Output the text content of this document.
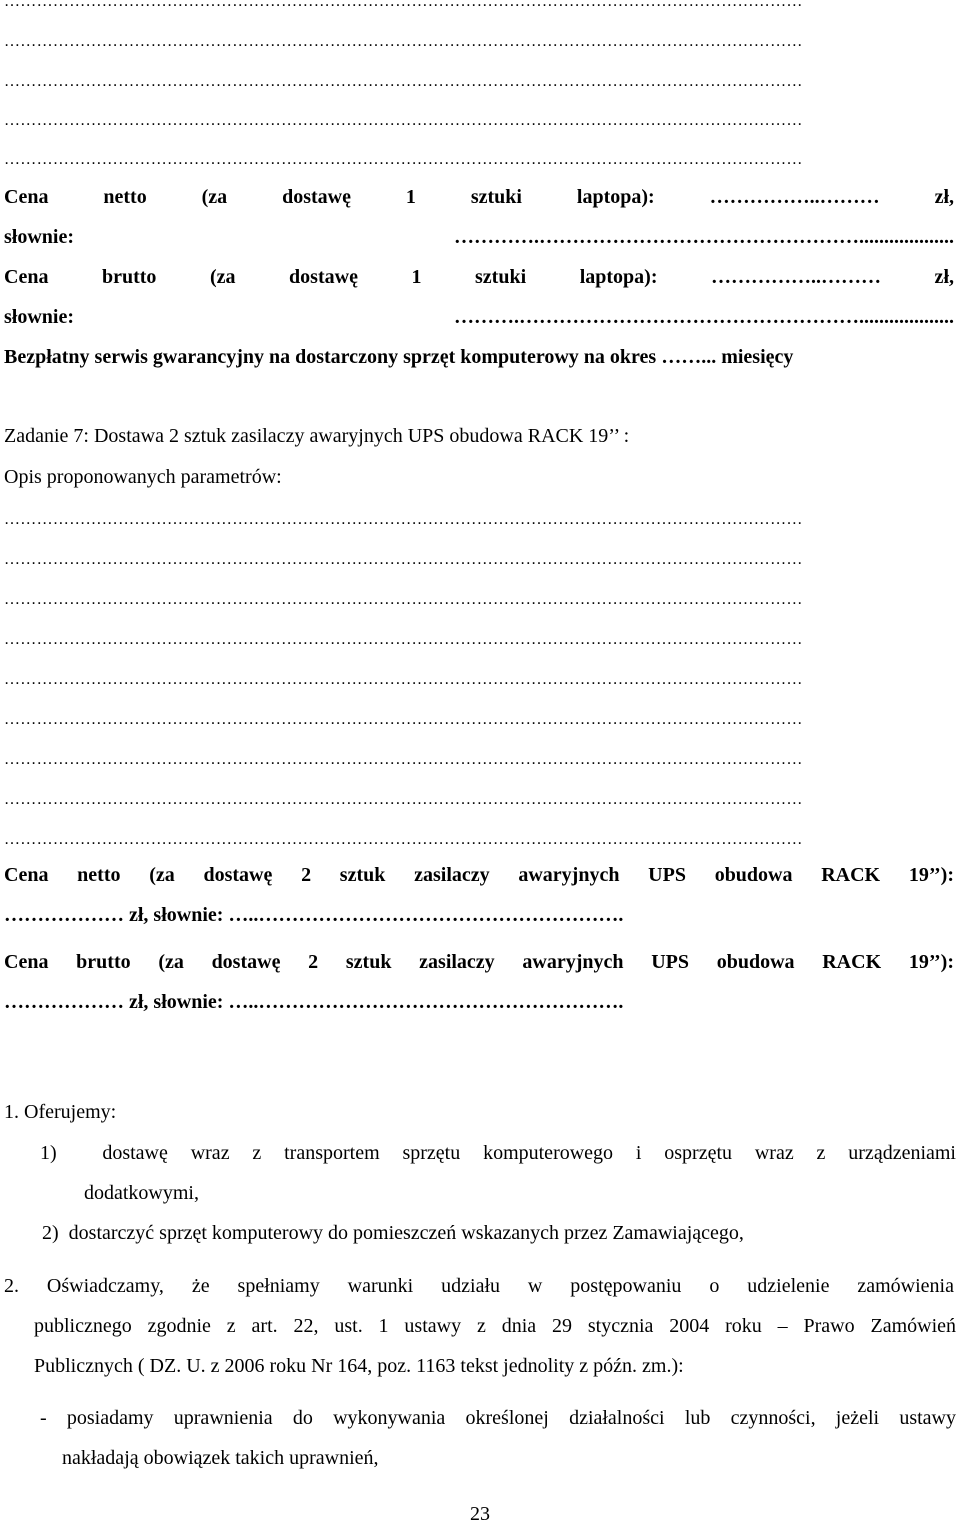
…………………………………………………………………………………………………………………………………
…………………………………………………………………………………………………………………………………
…………………………………………………………………………………………………………………………………
…………………………………………………………………………………………………………………………………
…………………………………………………………………………………………………………………………………
Cena netto (za dostawę 1 sztuki laptopa): ……………..……… zł,
słownie: ………….…………………………………………...................
Cena brutto (za dostawę 1 sztuki laptopa): ……………..……… zł,
słownie: ……….……………………………………………...................
Bezpłatny serwis gwarancyjny na dostarczony sprzęt komputerowy na okres ……... miesięcy
Zadanie 7: Dostawa 2 sztuk zasilaczy awaryjnych UPS obudowa RACK 19’’ :
Opis proponowanych parametrów:
…………………………………………………………………………………………………………………………………
…………………………………………………………………………………………………………………………………
…………………………………………………………………………………………………………………………………
…………………………………………………………………………………………………………………………………
…………………………………………………………………………………………………………………………………
…………………………………………………………………………………………………………………………………
…………………………………………………………………………………………………………………………………
…………………………………………………………………………………………………………………………………
…………………………………………………………………………………………………………………………………
Cena netto (za dostawę 2 sztuk zasilaczy awaryjnych UPS obudowa RACK 19’’):
……………… zł, słownie: …..……………………………………………….
Cena brutto (za dostawę 2 sztuk zasilaczy awaryjnych UPS obudowa RACK 19’’):
……………… zł, słownie: …..……………………………………………….
1. Oferujemy:
1)  dostawę wraz z transportem sprzętu komputerowego i osprzętu wraz z urządzeniami
dodatkowymi,
2)  dostarczyć sprzęt komputerowy do pomieszczeń wskazanych przez Zamawiającego,
2. Oświadczamy, że spełniamy warunki udziału w postępowaniu o udzielenie zamówienia
publicznego zgodnie z art. 22, ust. 1 ustawy z dnia 29 stycznia 2004 roku – Prawo Zamówień
Publicznych ( DZ. U. z 2006 roku Nr 164, poz. 1163 tekst jednolity z późn. zm.):
- posiadamy uprawnienia do wykonywania określonej działalności lub czynności, jeżeli ustawy
nakładają obowiązek takich uprawnień,
23
